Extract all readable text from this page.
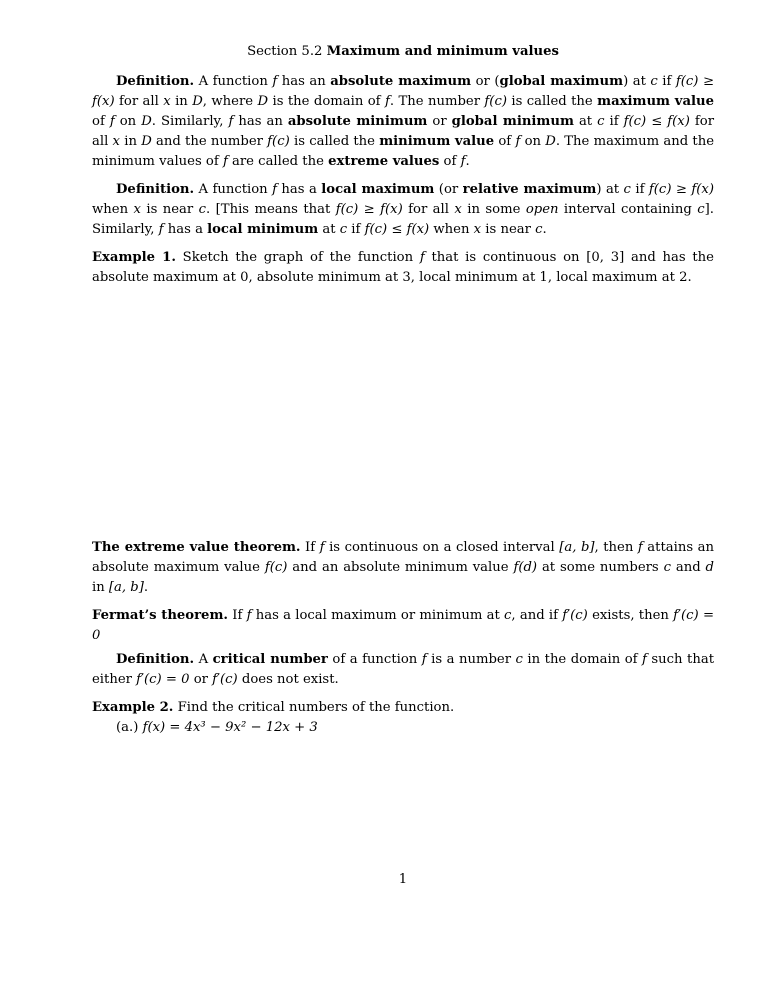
Section 5.2 Maximum and minimum values

Definition. A function f has an absolute maximum or (global maximum) at c if f(c) ≥ f(x) for all x in D, where D is the domain of f. The number f(c) is called the maximum value of f on D. Similarly, f has an absolute minimum or global minimum at c if f(c) ≤ f(x) for all x in D and the number f(c) is called the minimum value of f on D. The maximum and the minimum values of f are called the extreme values of f.

Definition. A function f has a local maximum (or relative maximum) at c if f(c) ≥ f(x) when x is near c. [This means that f(c) ≥ f(x) for all x in some open interval containing c]. Similarly, f has a local minimum at c if f(c) ≤ f(x) when x is near c.

Example 1. Sketch the graph of the function f that is continuous on [0, 3] and has the absolute maximum at 0, absolute minimum at 3, local minimum at 1, local maximum at 2.

The extreme value theorem. If f is continuous on a closed interval [a, b], then f attains an absolute maximum value f(c) and an absolute minimum value f(d) at some numbers c and d in [a, b].

Fermat’s theorem. If f has a local maximum or minimum at c, and if f′(c) exists, then f′(c) = 0

Definition. A critical number of a function f is a number c in the domain of f such that either f′(c) = 0 or f′(c) does not exist.

Example 2. Find the critical numbers of the function.
(a.) f(x) = 4x³ − 9x² − 12x + 3
1
